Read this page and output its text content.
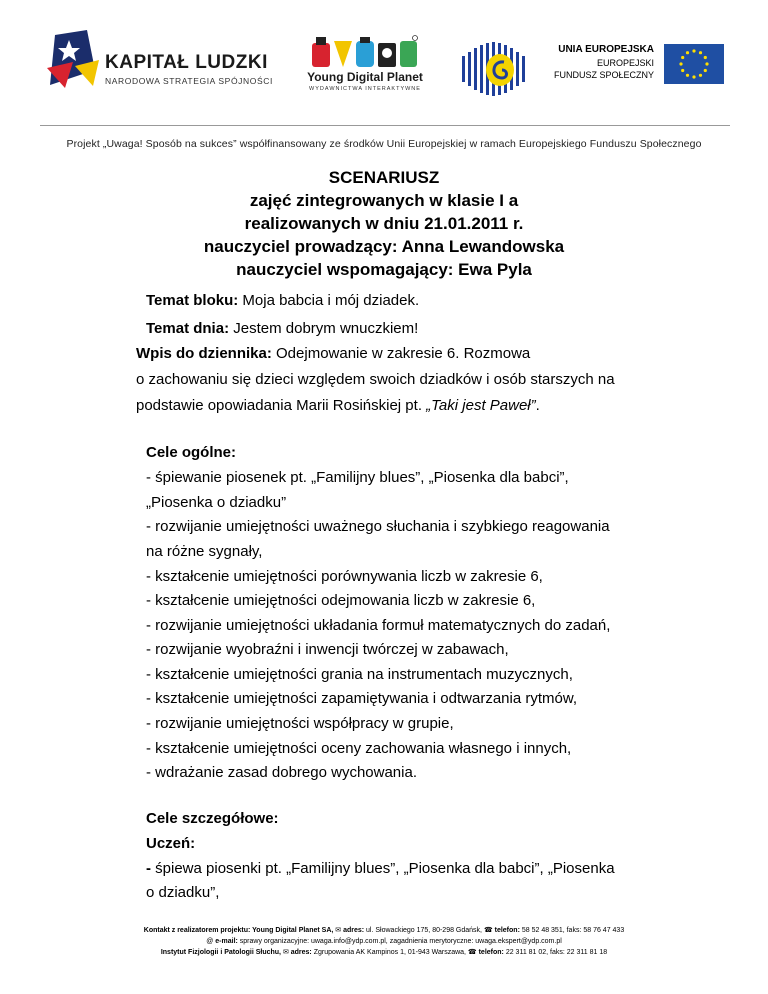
KAPITAŁ LUDZKI
NARODOWA STRATEGIA SPÓJNOŚCI	Young Digital Planet
WYDAWNICTWA INTERAKTYWNE
UNIA EUROPEJSKA
EUROPEJSKI
FUNDUSZ SPOŁECZNY
Projekt „Uwaga! Sposób na sukces” współfinansowany ze środków Unii Europejskiej w ramach Europejskiego Funduszu Społecznego
SCENARIUSZ
zajęć zintegrowanych w klasie I a
realizowanych w dniu 21.01.2011 r.
nauczyciel prowadzący: Anna Lewandowska
nauczyciel wspomagający: Ewa Pyla
Temat bloku: Moja babcia i mój dziadek.
Temat dnia: Jestem dobrym wnuczkiem!
Wpis do dziennika: Odejmowanie w zakresie 6. Rozmowa
o zachowaniu się dzieci względem swoich dziadków i osób starszych na
podstawie opowiadania Marii Rosińskiej pt. „Taki jest Paweł”.
Cele ogólne:
- śpiewanie piosenek pt. „Familijny blues”, „Piosenka dla babci”,
„Piosenka o dziadku”
- rozwijanie umiejętności uważnego słuchania i szybkiego reagowania
na różne sygnały,
- kształcenie umiejętności porównywania liczb w zakresie 6,
- kształcenie umiejętności odejmowania liczb w zakresie 6,
- rozwijanie umiejętności układania formuł matematycznych do zadań,
- rozwijanie wyobraźni i inwencji twórczej w zabawach,
- kształcenie umiejętności grania na instrumentach muzycznych,
- kształcenie umiejętności zapamiętywania i odtwarzania rytmów,
- rozwijanie umiejętności współpracy w grupie,
- kształcenie umiejętności oceny zachowania własnego i innych,
- wdrażanie zasad dobrego wychowania.
Cele szczegółowe:
Uczeń:
- śpiewa piosenki pt. „Familijny blues”, „Piosenka dla babci”, „Piosenka
o dziadku”,
Kontakt z realizatorem projektu: Young Digital Planet SA, ✉ adres: ul. Słowackiego 175, 80-298 Gdańsk, ☎ telefon: 58 52 48 351, faks: 58 76 47 433
@ e-mail: sprawy organizacyjne: uwaga.info@ydp.com.pl, zagadnienia merytoryczne: uwaga.ekspert@ydp.com.pl
Instytut Fizjologii i Patologii Słuchu, ✉ adres: Zgrupowania AK Kampinos 1, 01-943 Warszawa, ☎ telefon: 22 311 81 02, faks: 22 311 81 18
